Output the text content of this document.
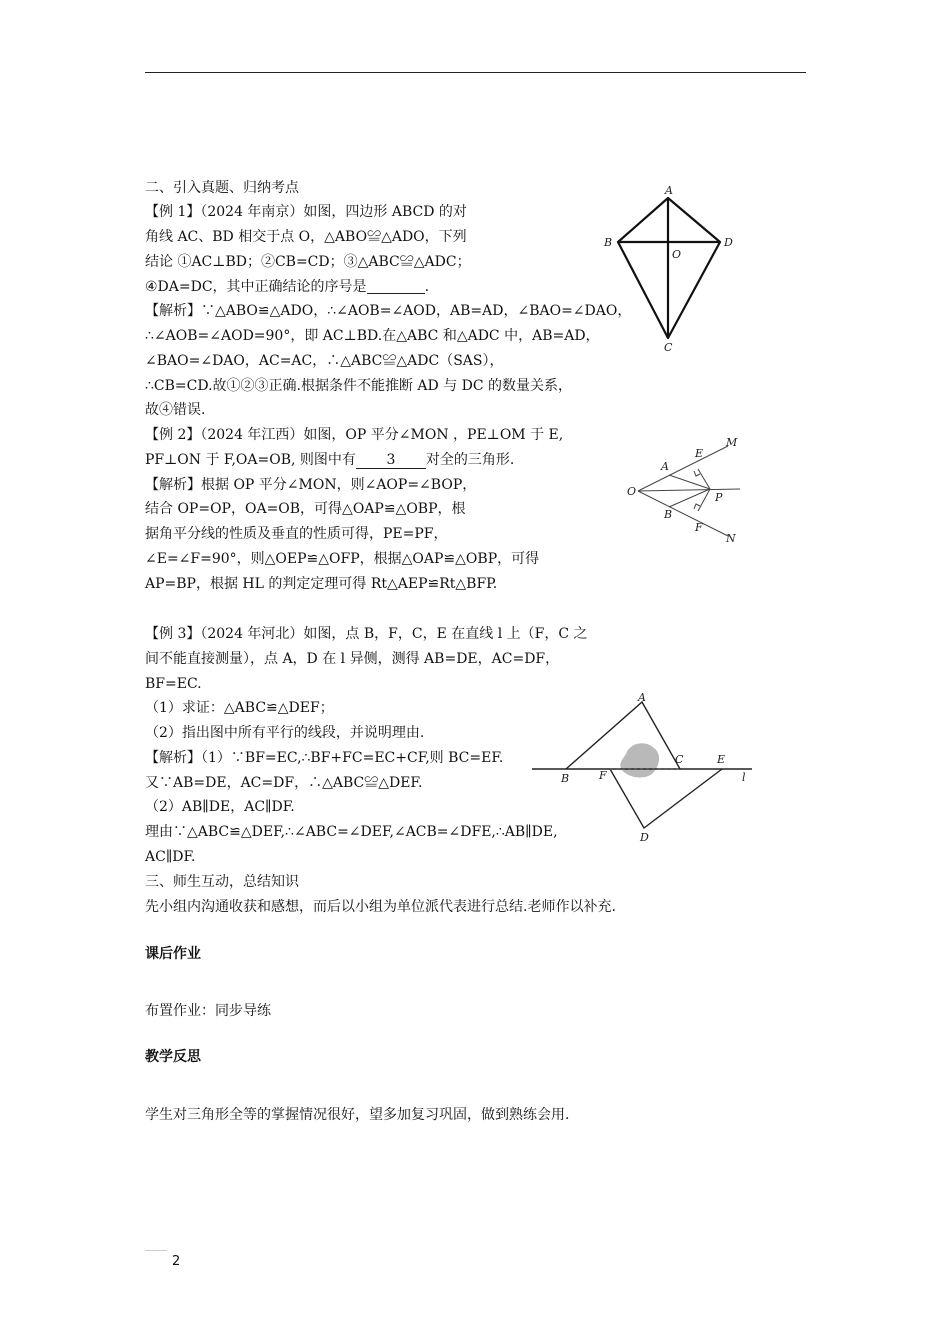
二、引入真题、归纳考点
【例 1】（2024 年南京）如图，四边形 ABCD 的对
角线 AC、BD 相交于点 O，△ABO≌△ADO，下列
结论 ①AC⊥BD；②CB=CD；③△ABC≌△ADC；
④DA=DC，其中正确结论的序号是	.
【解析】∵△ABO≌△ADO，∴∠AOB=∠AOD，AB=AD，∠BAO=∠DAO，
∴∠AOB=∠AOD=90°，即 AC⊥BD.在△ABC 和△ADC 中，AB=AD，
∠BAO=∠DAO，AC=AC，∴△ABC≌△ADC（SAS），
∴CB=CD.故①②③正确.根据条件不能推断 AD 与 DC 的数量关系，
故④错误.
【例 2】（2024 年江西）如图，OP 平分∠MON ，PE⊥OM 于 E,
PF⊥ON 于 F,OA=OB, 则图中有 3 对全的三角形.
【解析】根据 OP 平分∠MON，则∠AOP=∠BOP，
结合 OP=OP，OA=OB，可得△OAP≌△OBP，根
据角平分线的性质及垂直的性质可得，PE=PF，
∠E=∠F=90°，则△OEP≌△OFP，根据△OAP≌△OBP，可得
AP=BP，根据 HL 的判定定理可得 Rt△AEP≌Rt△BFP.
【例 3】（2024 年河北）如图，点 B，F，C，E 在直线 l 上（F，C 之
间不能直接测量），点 A，D 在 l 异侧，测得 AB=DE，AC=DF，
BF=EC.
（1）求证：△ABC≌△DEF；
（2）指出图中所有平行的线段，并说明理由.
【解析】（1）∵BF=EC,∴BF+FC=EC+CF,则 BC=EF.
又∵AB=DE，AC=DF，∴△ABC≌△DEF.
（2）AB∥DE，AC∥DF.
理由∵△ABC≌△DEF,∴∠ABC=∠DEF,∠ACB=∠DFE,∴AB∥DE,
AC∥DF.
三、师生互动，总结知识
先小组内沟通收获和感想，而后以小组为单位派代表进行总结.老师作以补充.
课后作业
布置作业：同步导练
教学反思
学生对三角形全等的掌握情况很好，望多加复习巩固，做到熟练会用.
A
B	D
O
C
O
A
B
E
F
M
N
P
A
B	F
C	E
D
l
2
